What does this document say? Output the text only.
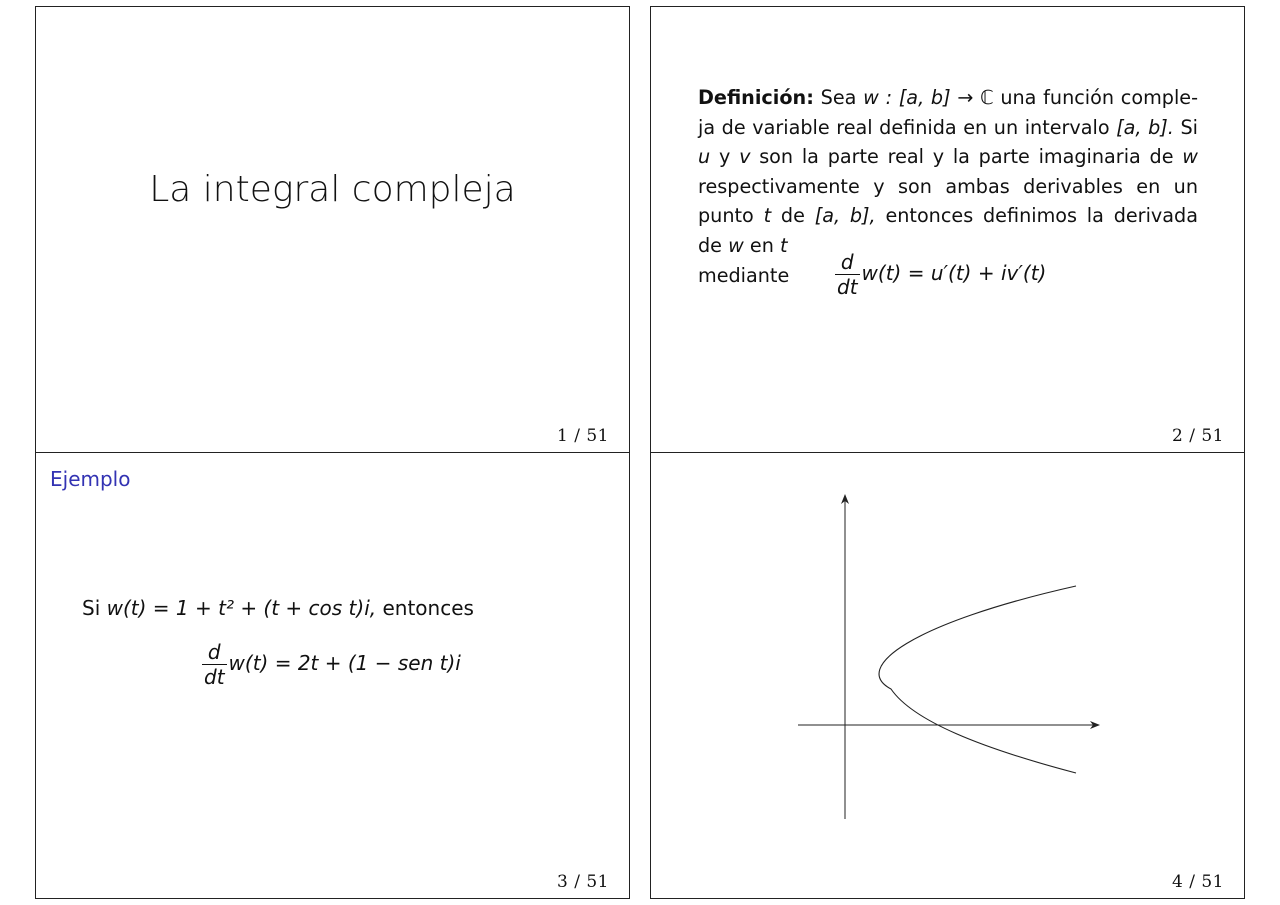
La integral compleja
1 / 51
Definición: Sea w : [a, b] → ℂ una función comple-ja de variable real definida en un intervalo [a, b]. Si u y v son la parte real y la parte imaginaria de w respectivamente y son ambas derivables en un punto t de [a, b], entonces definimos la derivada de w en t
mediante	$\frac{d}{dt} w(t) = u'(t) + iv'(t)$
2 / 51
Ejemplo
Si w(t) = 1 + t² + (t + cos t)i, entonces
$\frac{d}{dt} w(t) = 2t + (1$ − sen t)i
3 / 51	4 / 51
